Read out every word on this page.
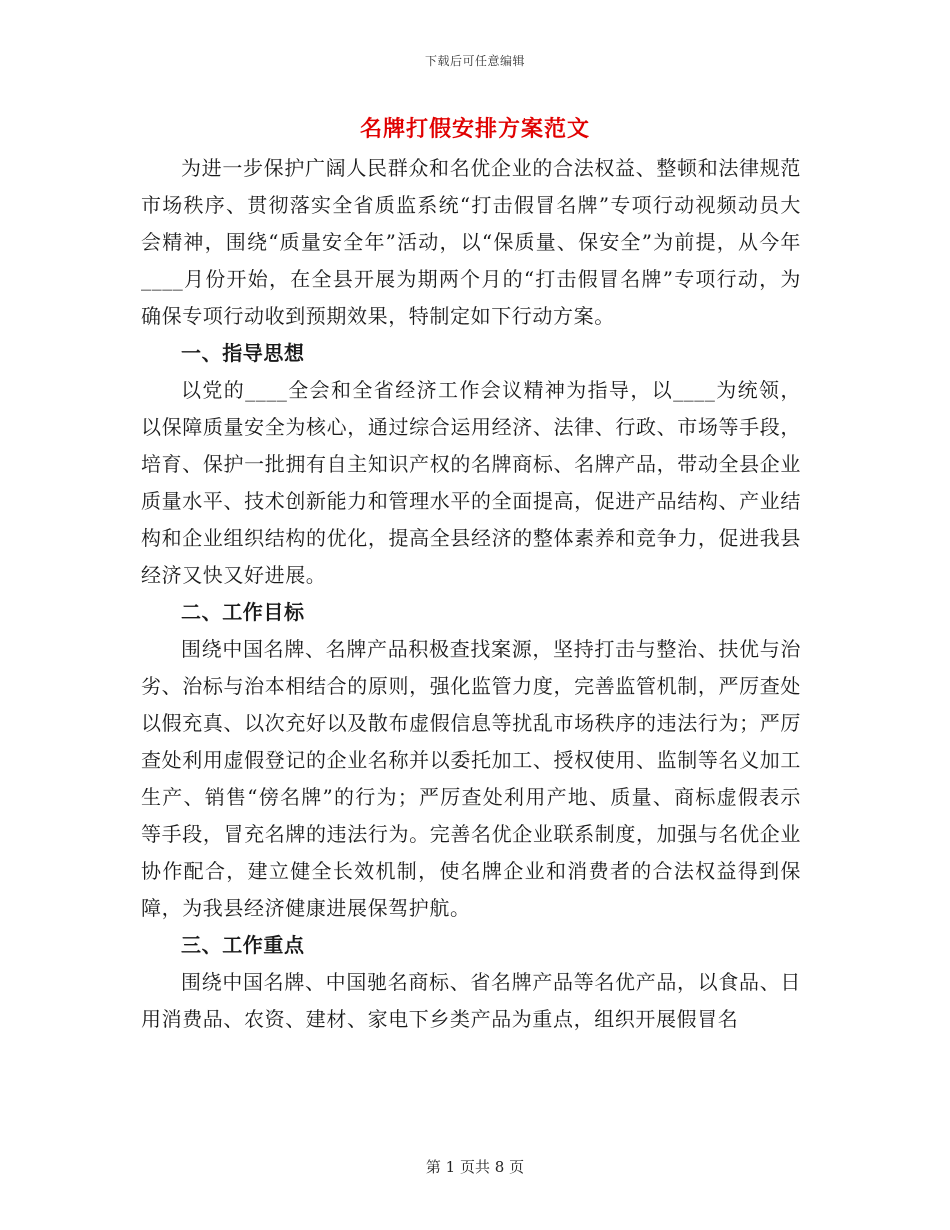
下载后可任意编辑
名牌打假安排方案范文

为进一步保护广阔人民群众和名优企业的合法权益、整顿和法律规范市场秩序、贯彻落实全省质监系统“打击假冒名牌”专项行动视频动员大会精神，围绕“质量安全年”活动，以“保质量、保安全”为前提，从今年____月份开始，在全县开展为期两个月的“打击假冒名牌”专项行动，为确保专项行动收到预期效果，特制定如下行动方案。

一、指导思想

以党的____全会和全省经济工作会议精神为指导，以____为统领，以保障质量安全为核心，通过综合运用经济、法律、行政、市场等手段，培育、保护一批拥有自主知识产权的名牌商标、名牌产品，带动全县企业质量水平、技术创新能力和管理水平的全面提高，促进产品结构、产业结构和企业组织结构的优化，提高全县经济的整体素养和竞争力，促进我县经济又快又好进展。

二、工作目标

围绕中国名牌、名牌产品积极查找案源，坚持打击与整治、扶优与治劣、治标与治本相结合的原则，强化监管力度，完善监管机制，严厉查处以假充真、以次充好以及散布虚假信息等扰乱市场秩序的违法行为；严厉查处利用虚假登记的企业名称并以委托加工、授权使用、监制等名义加工生产、销售“傍名牌”的行为；严厉查处利用产地、质量、商标虚假表示等手段，冒充名牌的违法行为。完善名优企业联系制度，加强与名优企业协作配合，建立健全长效机制，使名牌企业和消费者的合法权益得到保障，为我县经济健康进展保驾护航。

三、工作重点

围绕中国名牌、中国驰名商标、省名牌产品等名优产品，以食品、日用消费品、农资、建材、家电下乡类产品为重点，组织开展假冒名

第 1 页共 8 页
